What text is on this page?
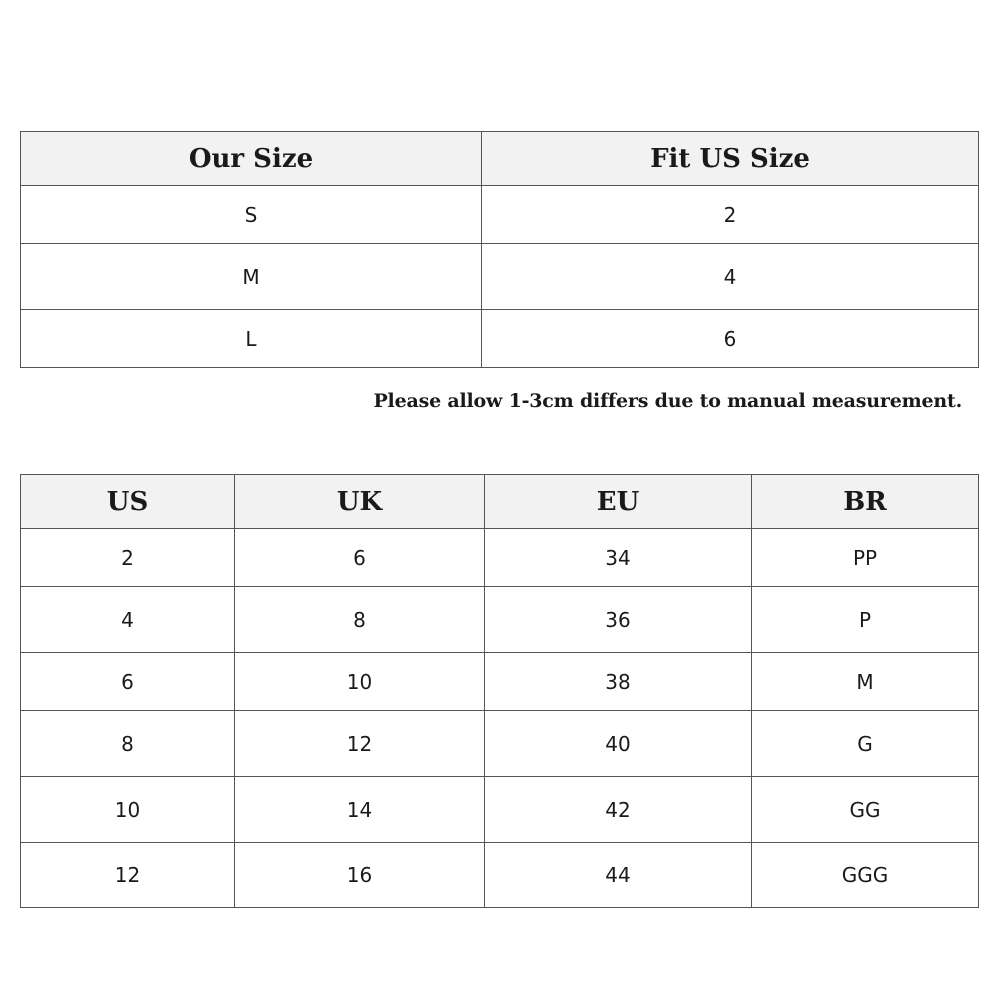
Our Size	Fit US Size
S	2
M	4
L	6
Please allow 1-3cm differs due to manual measurement.
US	UK	EU	BR
2	6	34	PP
4	8	36	P
6	10	38	M
8	12	40	G
10	14	42	GG
12	16	44	GGG
